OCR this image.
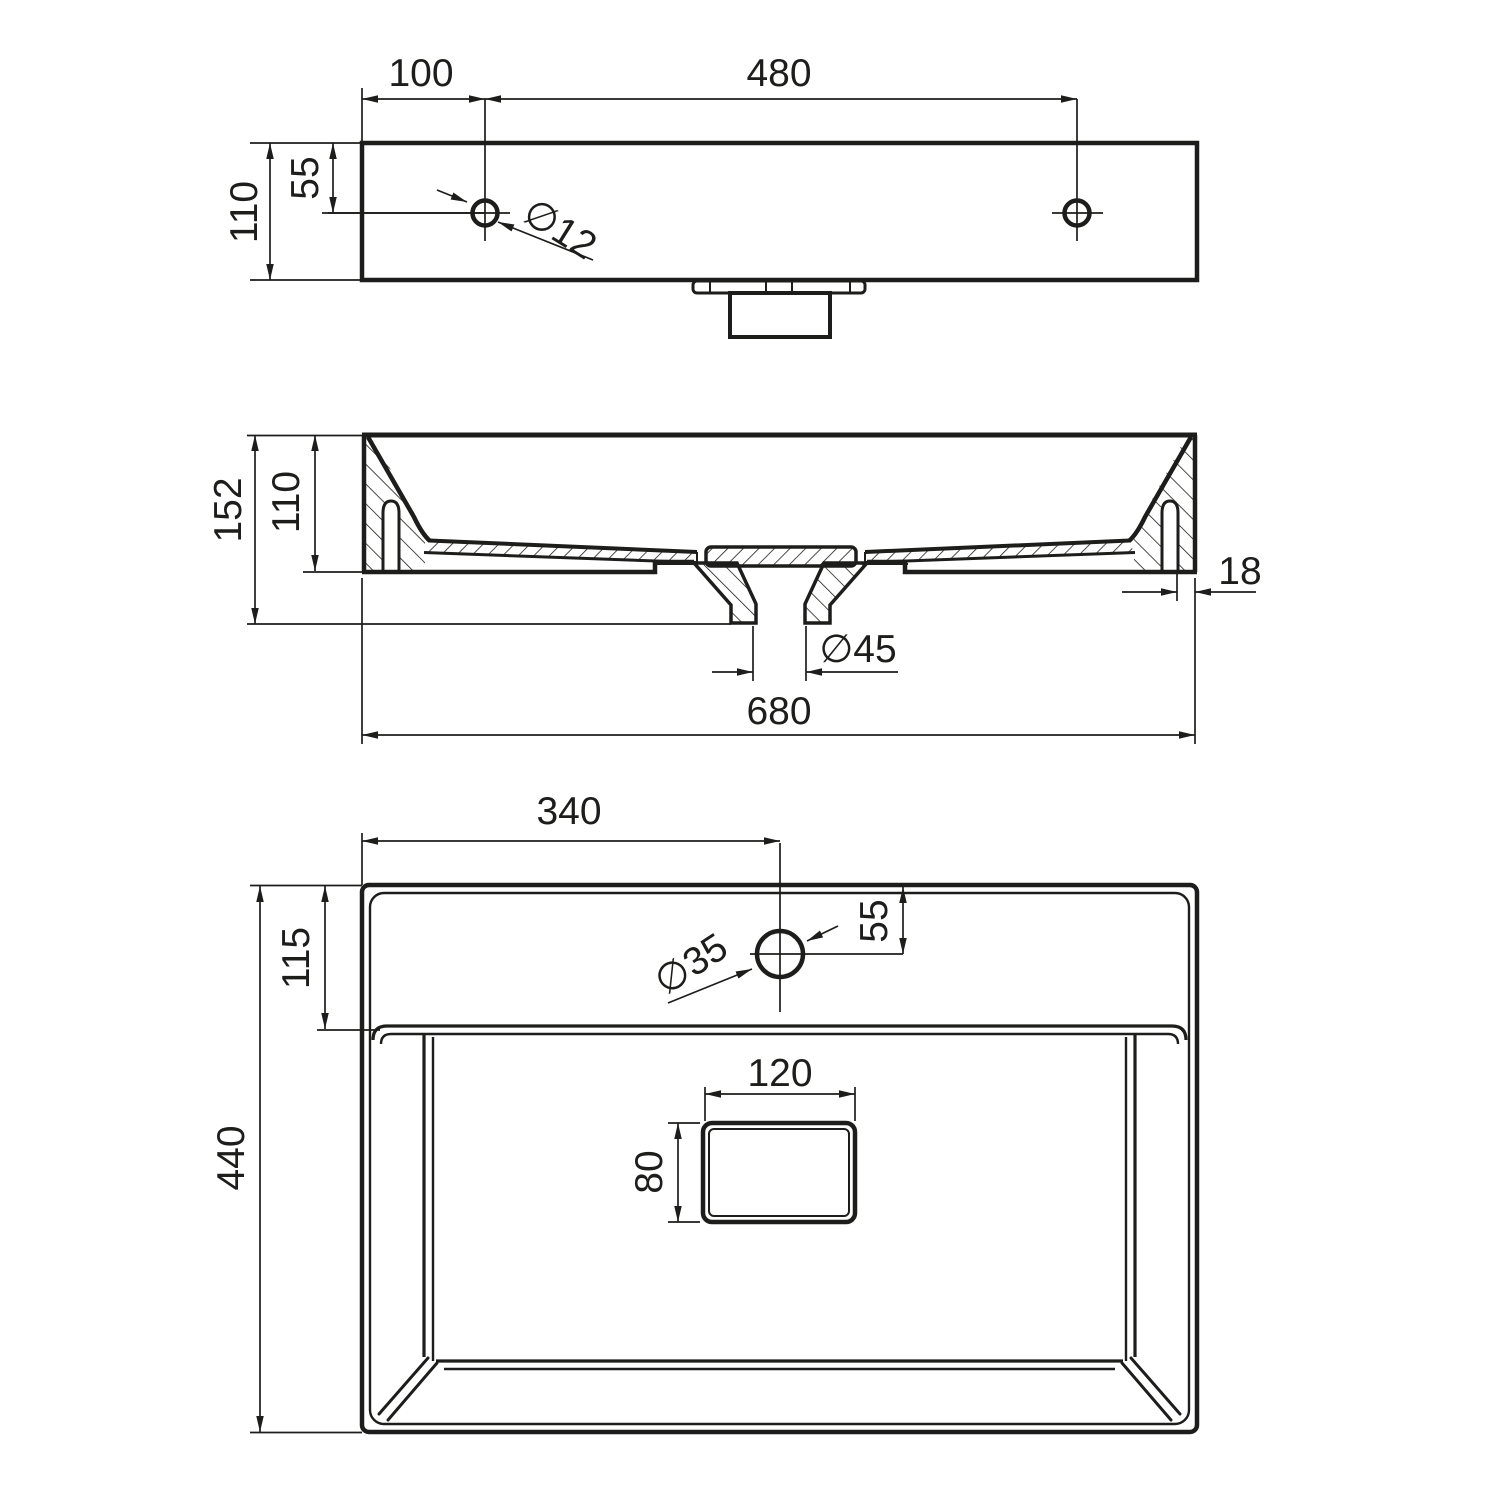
100	480
110
55
∅12
152 110
18
∅45
680
340
115
440
55
∅35
120
80
